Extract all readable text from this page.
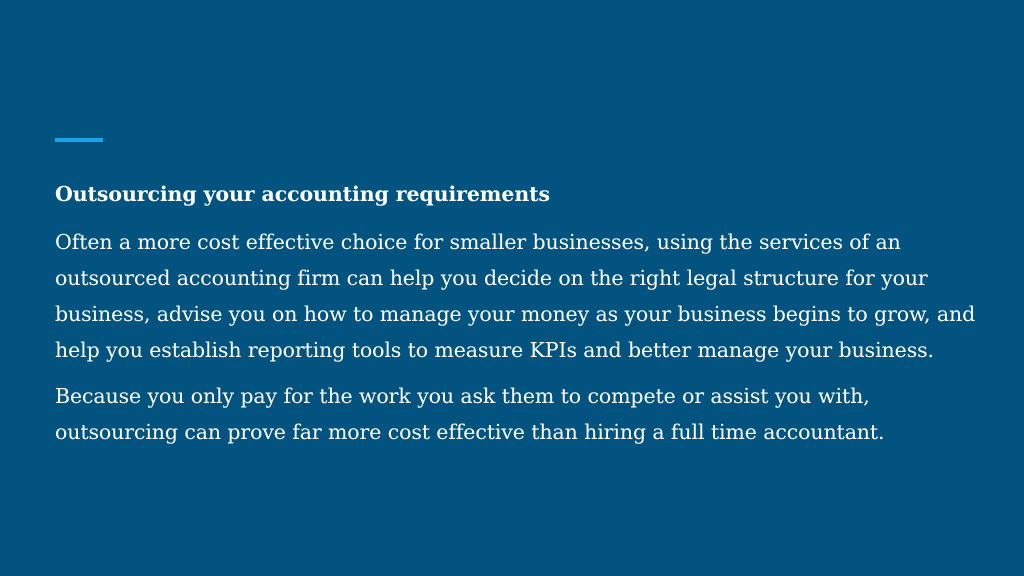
Outsourcing your accounting requirements

Often a more cost effective choice for smaller businesses, using the services of an outsourced accounting firm can help you decide on the right legal structure for your business, advise you on how to manage your money as your business begins to grow, and help you establish reporting tools to measure KPIs and better manage your business.

Because you only pay for the work you ask them to compete or assist you with, outsourcing can prove far more cost effective than hiring a full time accountant.
